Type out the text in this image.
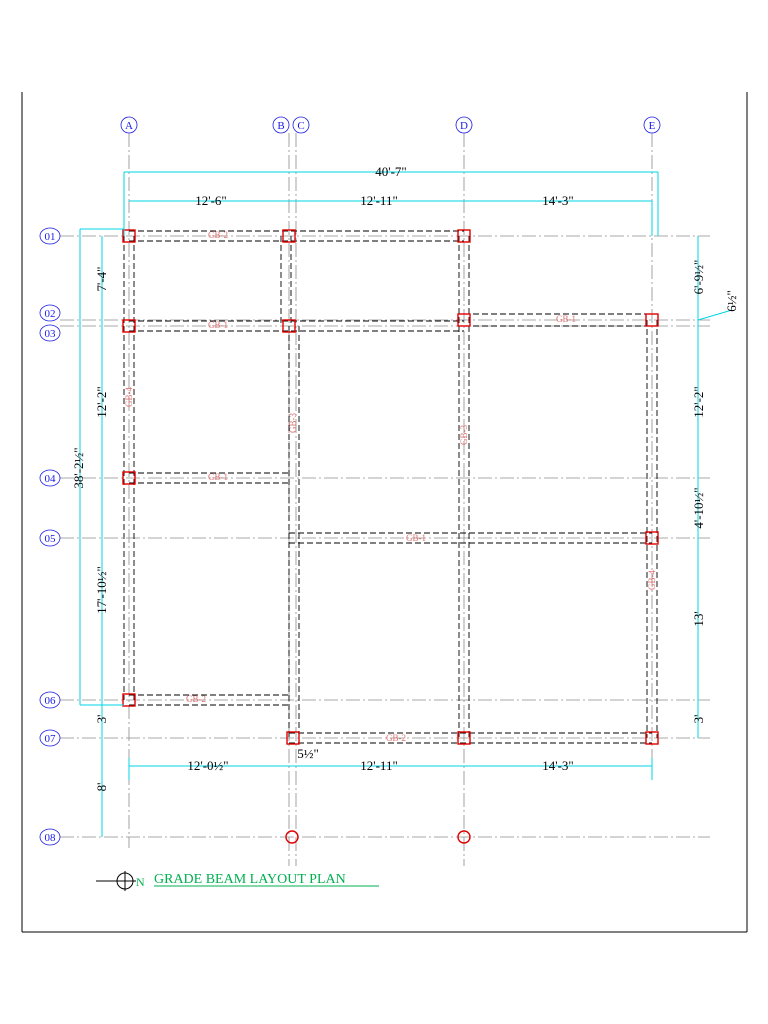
A	B C	D	E
01
02
03
04
05
06
07
08
GB-2
GB-1
GB-1
GB-1
GB-1
GB-2
GB-2
GB-4
GB-3
GB-3
GB-4
40'-7"
12'-6"	12'-11"	14'-3"
12'-0½"	12'-11"	14'-3"
5½"
38'-2½"
7'-4"
12'-2"
17'-10½"
3'
8'
6'-9½"
6½"
12'-2"
4'-10½"
13'
3'
N GRADE BEAM LAYOUT PLAN
